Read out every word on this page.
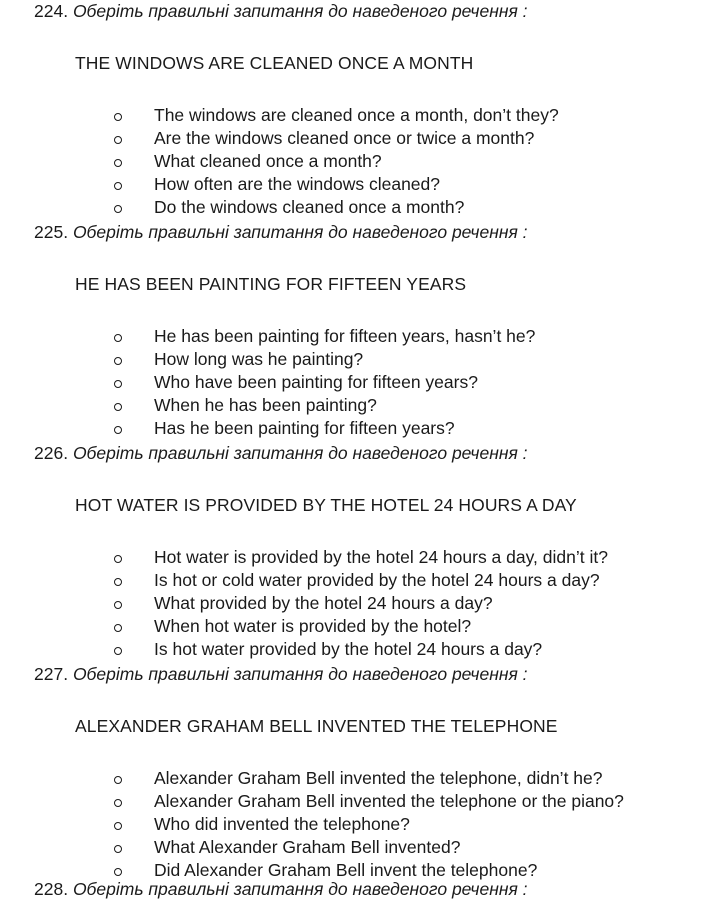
224. Оберіть правильні запитання до наведеного речення :
THE WINDOWS ARE CLEANED ONCE A MONTH
The windows are cleaned once a month, don’t they?
Are the windows cleaned once or twice a month?
What cleaned once a month?
How often are the windows cleaned?
Do the windows cleaned once a month?
225. Оберіть правильні запитання до наведеного речення :
HE HAS BEEN PAINTING FOR FIFTEEN YEARS
He has been painting for fifteen years, hasn’t he?
How long was he painting?
Who have been painting for fifteen years?
When he has been painting?
Has he been painting for fifteen years?
226. Оберіть правильні запитання до наведеного речення :
HOT WATER IS PROVIDED BY THE HOTEL 24 HOURS A DAY
Hot water is provided by the hotel 24 hours a day, didn’t it?
Is hot or cold water provided by the hotel 24 hours a day?
What provided by the hotel 24 hours a day?
When hot water is provided by the hotel?
Is hot water provided by the hotel 24 hours a day?
227. Оберіть правильні запитання до наведеного речення :
ALEXANDER GRAHAM BELL INVENTED THE TELEPHONE
Alexander Graham Bell invented the telephone, didn’t he?
Alexander Graham Bell invented the telephone or the piano?
Who did invented the telephone?
What Alexander Graham Bell invented?
Did Alexander Graham Bell invent the telephone?
228. Оберіть правильні запитання до наведеного речення :
